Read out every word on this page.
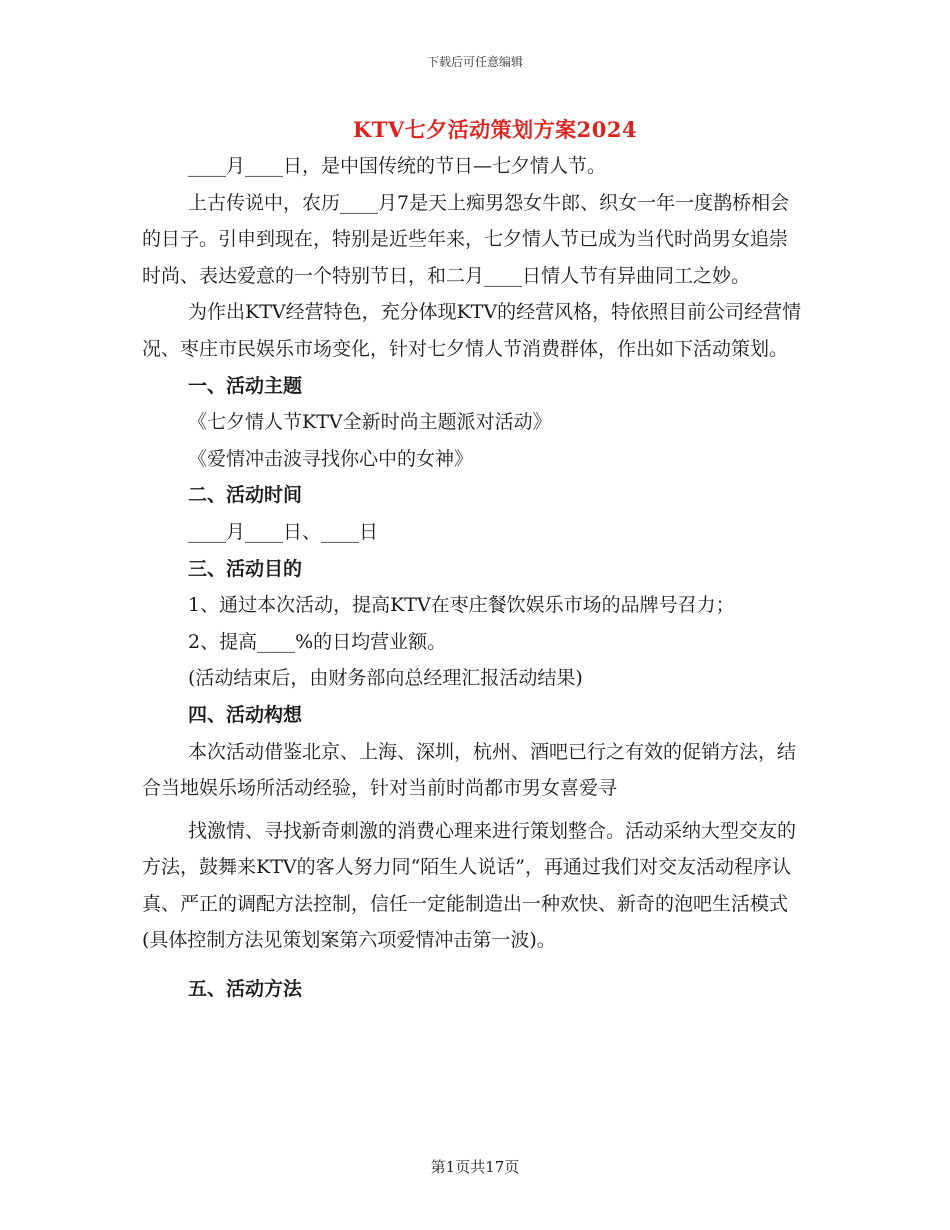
下载后可任意编辑
KTV七夕活动策划方案2024

____月____日，是中国传统的节日—七夕情人节。

上古传说中，农历____月7是天上痴男怨女牛郎、织女一年一度鹊桥相会的日子。引申到现在，特别是近些年来，七夕情人节已成为当代时尚男女追崇时尚、表达爱意的一个特别节日，和二月____日情人节有异曲同工之妙。

为作出KTV经营特色，充分体现KTV的经营风格，特依照目前公司经营情况、枣庄市民娱乐市场变化，针对七夕情人节消费群体，作出如下活动策划。

一、活动主题

《七夕情人节KTV全新时尚主题派对活动》

《爱情冲击波寻找你心中的女神》

二、活动时间

____月____日、____日

三、活动目的

1、通过本次活动，提高KTV在枣庄餐饮娱乐市场的品牌号召力；

2、提高____%的日均营业额。

(活动结束后，由财务部向总经理汇报活动结果)

四、活动构想

本次活动借鉴北京、上海、深圳，杭州、酒吧已行之有效的促销方法，结合当地娱乐场所活动经验，针对当前时尚都市男女喜爱寻

找激情、寻找新奇刺激的消费心理来进行策划整合。活动采纳大型交友的方法，鼓舞来KTV的客人努力同“陌生人说话”，再通过我们对交友活动程序认真、严正的调配方法控制，信任一定能制造出一种欢快、新奇的泡吧生活模式(具体控制方法见策划案第六项爱情冲击第一波)。

五、活动方法

第1页共17页
